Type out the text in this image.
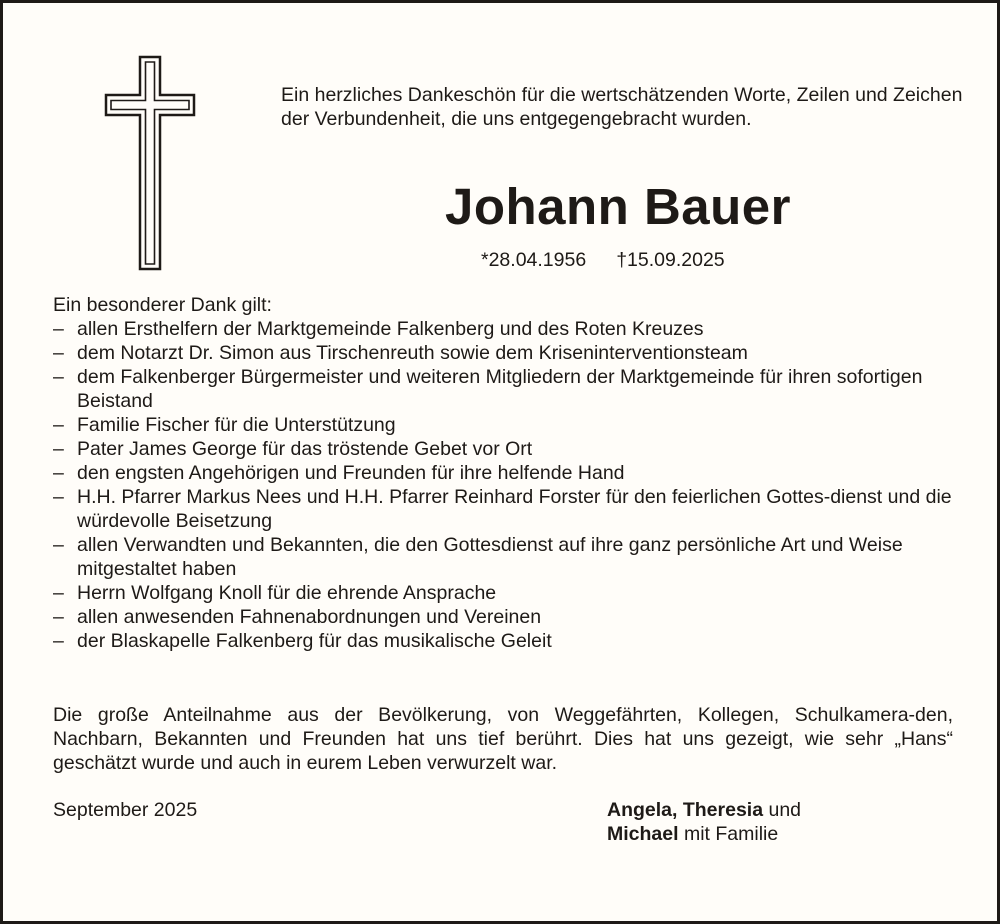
Ein herzliches Dankeschön für die wertschätzenden Worte, Zeilen und Zeichen der Verbundenheit, die uns entgegengebracht wurden.

Johann Bauer
*28.04.1956 †15.09.2025

Ein besonderer Dank gilt:

– allen Ersthelfern der Marktgemeinde Falkenberg und des Roten Kreuzes
– dem Notarzt Dr. Simon aus Tirschenreuth sowie dem Kriseninterventionsteam
– dem Falkenberger Bürgermeister und weiteren Mitgliedern der Marktgemeinde für ihren sofortigen Beistand
– Familie Fischer für die Unterstützung
– Pater James George für das tröstende Gebet vor Ort
– den engsten Angehörigen und Freunden für ihre helfende Hand
– H.H. Pfarrer Markus Nees und H.H. Pfarrer Reinhard Forster für den feierlichen Gottes-dienst und die würdevolle Beisetzung
– allen Verwandten und Bekannten, die den Gottesdienst auf ihre ganz persönliche Art und Weise mitgestaltet haben
– Herrn Wolfgang Knoll für die ehrende Ansprache
– allen anwesenden Fahnenabordnungen und Vereinen
– der Blaskapelle Falkenberg für das musikalische Geleit

Die große Anteilnahme aus der Bevölkerung, von Weggefährten, Kollegen, Schulkamera-den, Nachbarn, Bekannten und Freunden hat uns tief berührt. Dies hat uns gezeigt, wie sehr „Hans“ geschätzt wurde und auch in eurem Leben verwurzelt war.

September 2025	Angela, Theresia und
Michael mit Familie
